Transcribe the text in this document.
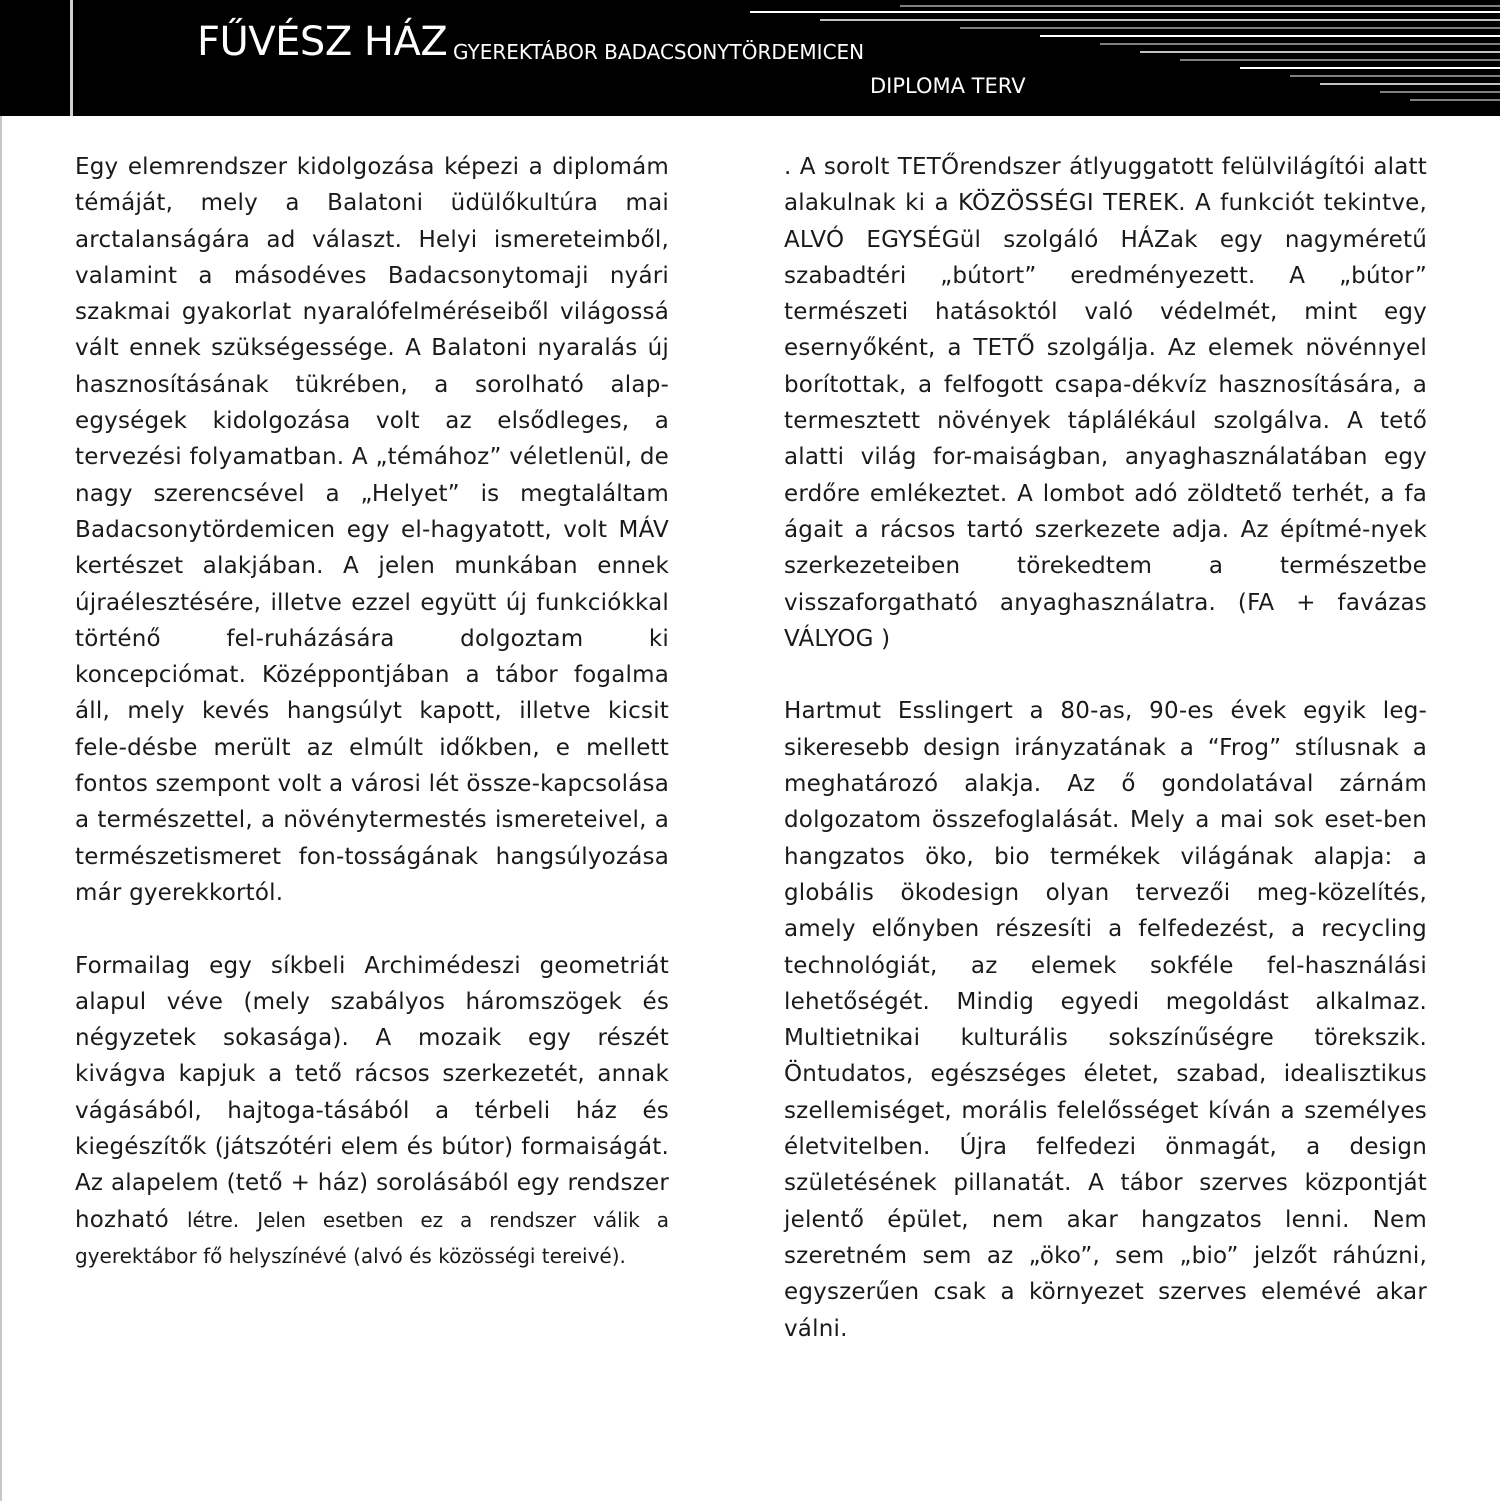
FŰVÉSZ HÁZ GYEREKTÁBOR BADACSONYTÖRDEMICEN
DIPLOMA TERV

Egy elemrendszer kidolgozása képezi a diplomám témáját, mely a Balatoni üdülőkultúra mai arctalanságára ad választ. Helyi ismereteimből, valamint a másodéves Badacsonytomaji nyári szakmai gyakorlat nyaralófelméréseiből világossá vált ennek szükségessége. A Balatoni nyaralás új hasznosításának tükrében, a sorolható alap-egységek kidolgozása volt az elsődleges, a tervezési folyamatban. A „témához” véletlenül, de nagy szerencsével a „Helyet” is megtaláltam Badacsonytördemicen egy el-hagyatott, volt MÁV kertészet alakjában. A jelen munkában ennek újraélesztésére, illetve ezzel együtt új funkciókkal történő fel-ruházására dolgoztam ki koncepciómat. Középpontjában a tábor fogalma áll, mely kevés hangsúlyt kapott, illetve kicsit fele-désbe merült az elmúlt időkben, e mellett fontos szempont volt a városi lét össze-kapcsolása a természettel, a növénytermestés ismereteivel, a természetismeret fon-tosságának hangsúlyozása már gyerekkortól.

Formailag egy síkbeli Archimédeszi geometriát alapul véve (mely szabályos háromszögek és négyzetek sokasága). A mozaik egy részét kivágva kapjuk a tető rácsos szerkezetét, annak vágásából, hajtoga-tásából a térbeli ház és kiegészítők (játszótéri elem és bútor) formaiságát. Az alapelem (tető + ház) sorolásából egy rendszer hozható létre. Jelen esetben ez a rendszer válik a gyerektábor fő helyszínévé (alvó és közösségi tereivé).

. A sorolt TETŐrendszer átlyuggatott felülvilágítói alatt alakulnak ki a KÖZÖSSÉGI TEREK. A funkciót tekintve, ALVÓ EGYSÉGül szolgáló HÁZak egy nagyméretű szabadtéri „bútort” eredményezett. A „bútor” természeti hatásoktól való védelmét, mint egy esernyőként, a TETŐ szolgálja. Az elemek növénnyel borítottak, a felfogott csapa-dékvíz hasznosítására, a termesztett növények táplálékául szolgálva. A tető alatti világ for-maiságban, anyaghasználatában egy erdőre emlékeztet. A lombot adó zöldtető terhét, a fa ágait a rácsos tartó szerkezete adja. Az építmé-nyek szerkezeteiben törekedtem a természetbe visszaforgatható anyaghasználatra. (FA + favázas VÁLYOG )

Hartmut Esslingert a 80-as, 90-es évek egyik leg-sikeresebb design irányzatának a “Frog” stílusnak a meghatározó alakja. Az ő gondolatával zárnám dolgozatom összefoglalását. Mely a mai sok eset-ben hangzatos öko, bio termékek világának alapja: a globális ökodesign olyan tervezői meg-közelítés, amely előnyben részesíti a felfedezést, a recycling technológiát, az elemek sokféle fel-használási lehetőségét. Mindig egyedi megoldást alkalmaz. Multietnikai kulturális sokszínűségre törekszik. Öntudatos, egészséges életet, szabad, idealisztikus szellemiséget, morális felelősséget kíván a személyes életvitelben. Újra felfedezi önmagát, a design születésének pillanatát. A tábor szerves központját jelentő épület, nem akar hangzatos lenni. Nem szeretném sem az „öko”, sem „bio” jelzőt ráhúzni, egyszerűen csak a környezet szerves elemévé akar válni.
